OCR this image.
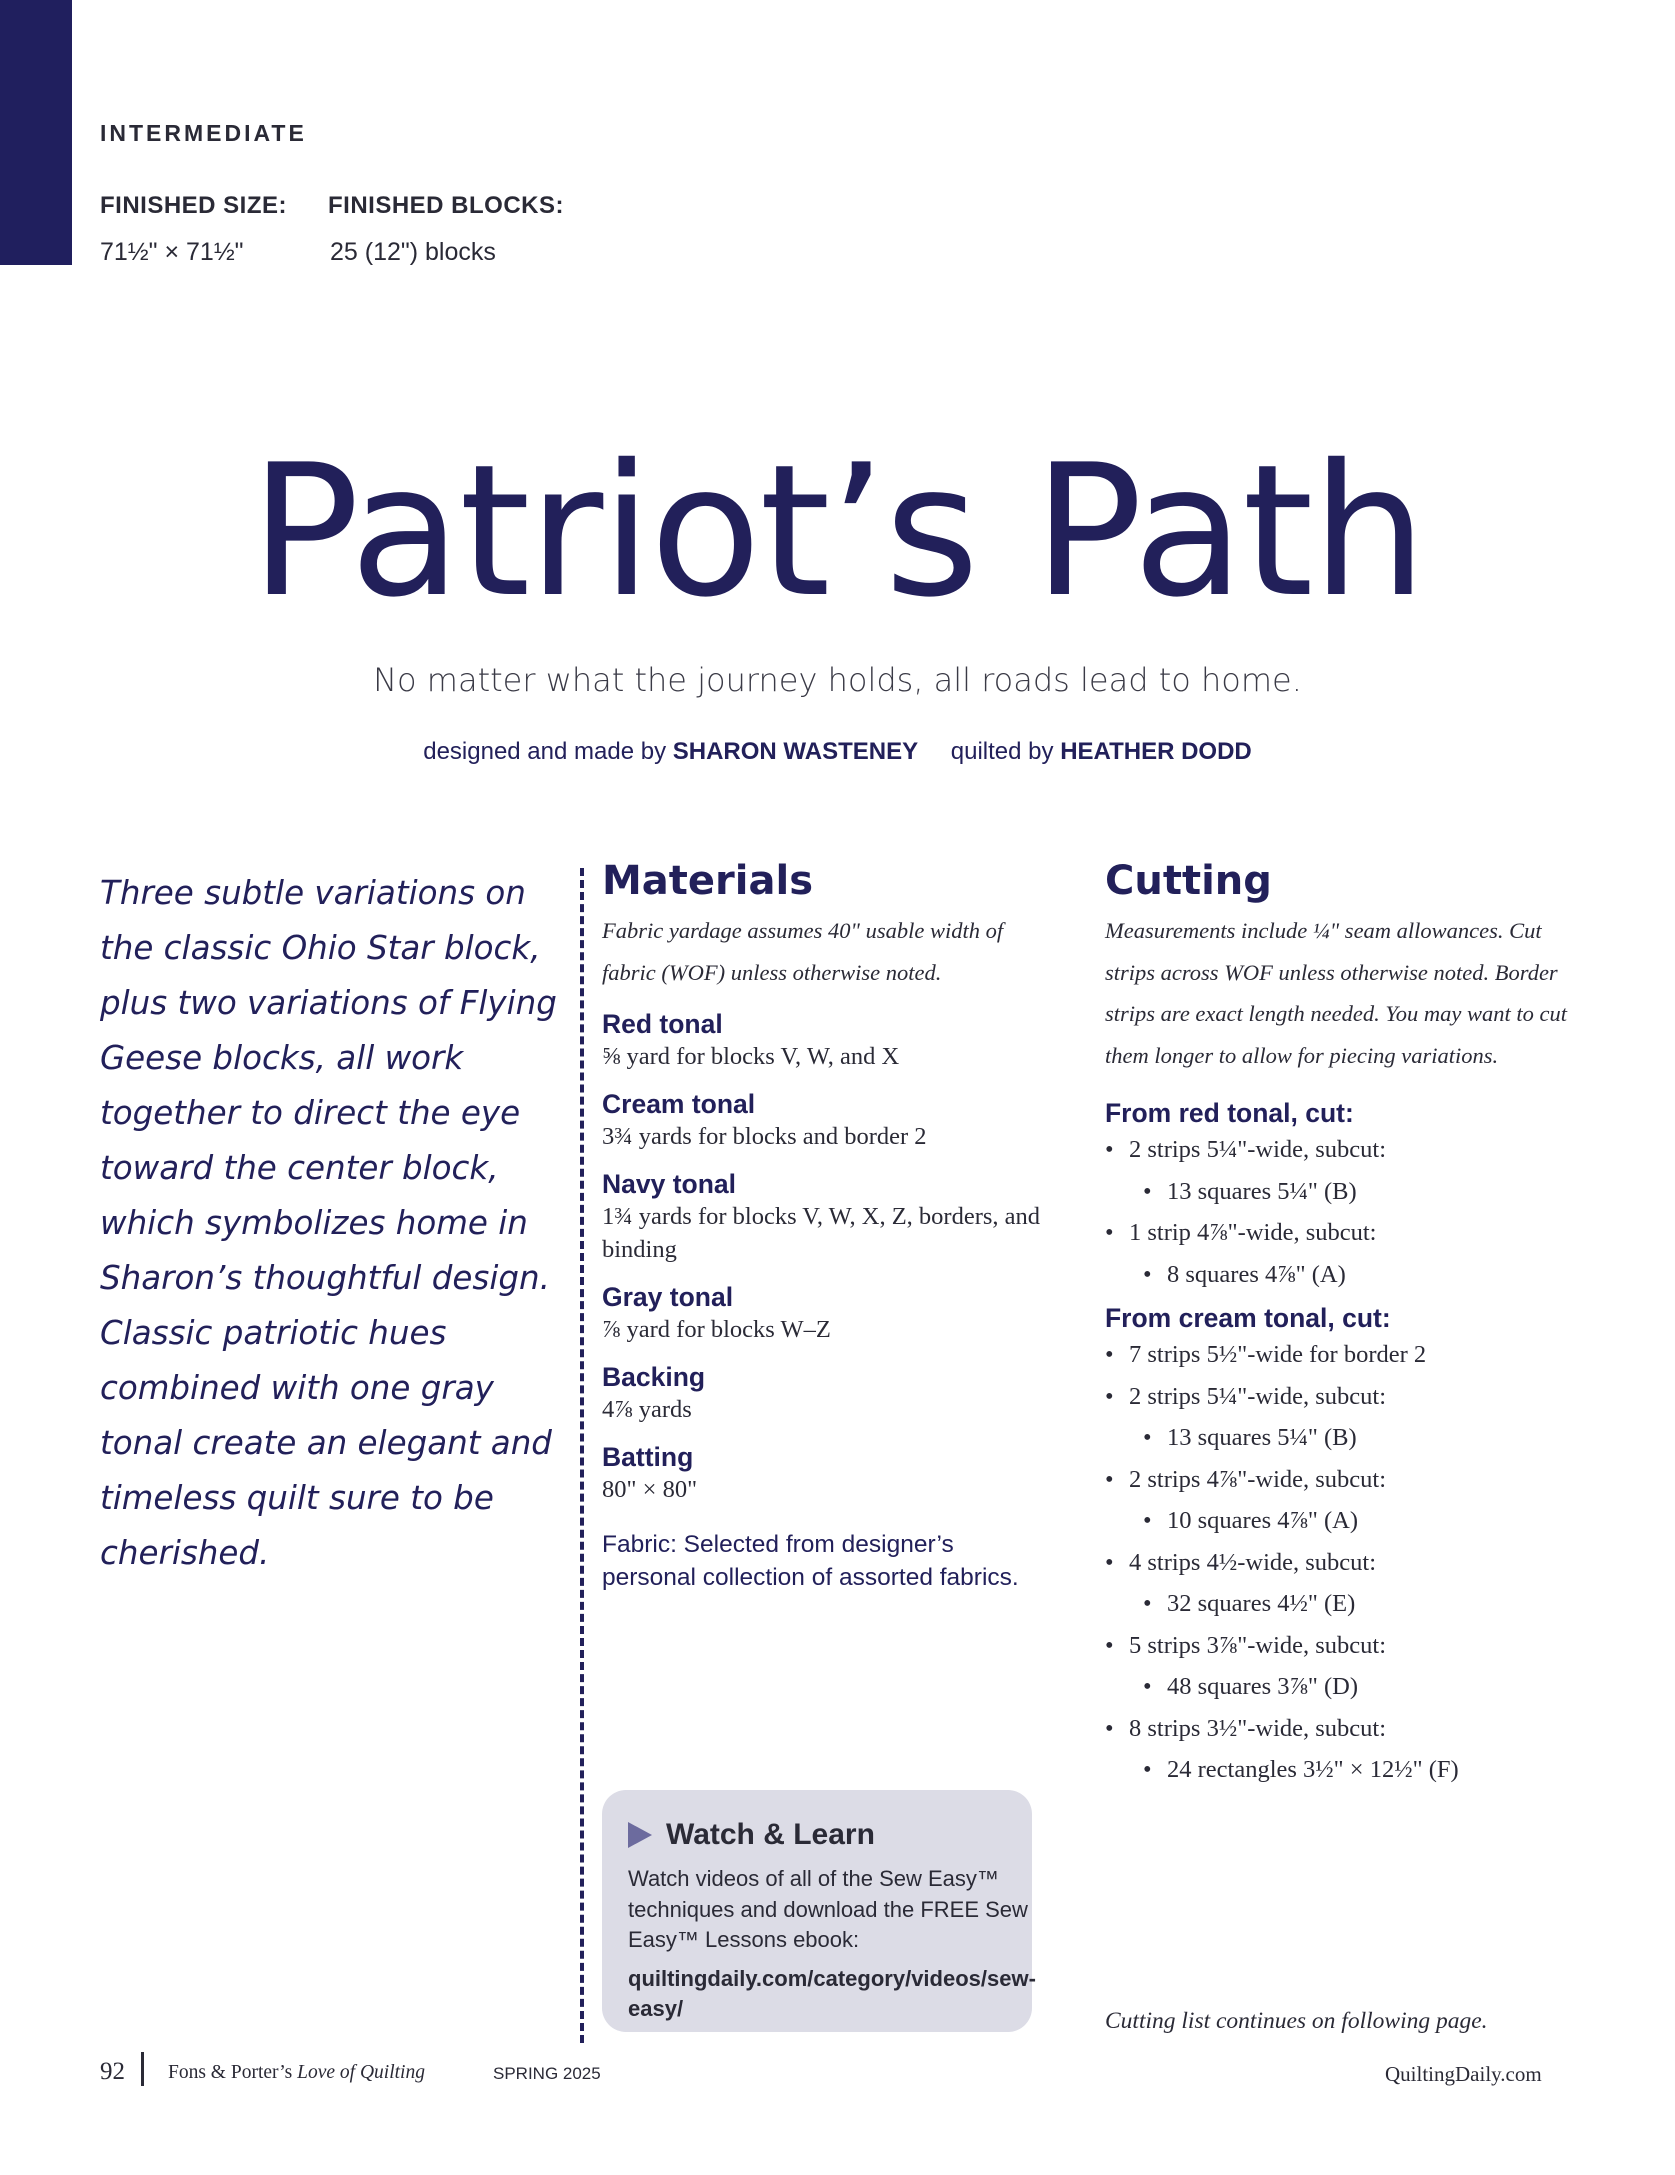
INTERMEDIATE
FINISHED SIZE:
71½" × 71½"
FINISHED BLOCKS:
25 (12") blocks
Patriot’s Path
No matter what the journey holds, all roads lead to home.
designed and made by SHARON WASTENEY quilted by HEATHER DODD
Three subtle variations on the classic Ohio Star block, plus two variations of Flying Geese blocks, all work together to direct the eye toward the center block, which symbolizes home in Sharon’s thoughtful design. Classic patriotic hues combined with one gray tonal create an elegant and timeless quilt sure to be cherished.
Materials
Fabric yardage assumes 40" usable width of fabric (WOF) unless otherwise noted.
Red tonal
⅝ yard for blocks V, W, and X
Cream tonal
3¾ yards for blocks and border 2
Navy tonal
1¾ yards for blocks V, W, X, Z, borders, and binding
Gray tonal
⅞ yard for blocks W–Z
Backing
4⅞ yards
Batting
80" × 80"
Fabric: Selected from designer’s personal collection of assorted fabrics.
Watch & Learn
Watch videos of all of the Sew Easy™ techniques and download the FREE Sew Easy™ Lessons ebook:
quiltingdaily.com/category/videos/sew-easy/
Cutting
Measurements include ¼" seam allowances. Cut strips across WOF unless otherwise noted. Border strips are exact length needed. You may want to cut them longer to allow for piecing variations.
From red tonal, cut:
• 2 strips 5¼"-wide, subcut:
• 13 squares 5¼" (B)
• 1 strip 4⅞"-wide, subcut:
• 8 squares 4⅞" (A)
From cream tonal, cut:
• 7 strips 5½"-wide for border 2
• 2 strips 5¼"-wide, subcut:
• 13 squares 5¼" (B)
• 2 strips 4⅞"-wide, subcut:
• 10 squares 4⅞" (A)
• 4 strips 4½-wide, subcut:
• 32 squares 4½" (E)
• 5 strips 3⅞"-wide, subcut:
• 48 squares 3⅞" (D)
• 8 strips 3½"-wide, subcut:
• 24 rectangles 3½" × 12½" (F)
Cutting list continues on following page.
92 Fons & Porter’s Love of Quilting	SPRING 2025	QuiltingDaily.com
